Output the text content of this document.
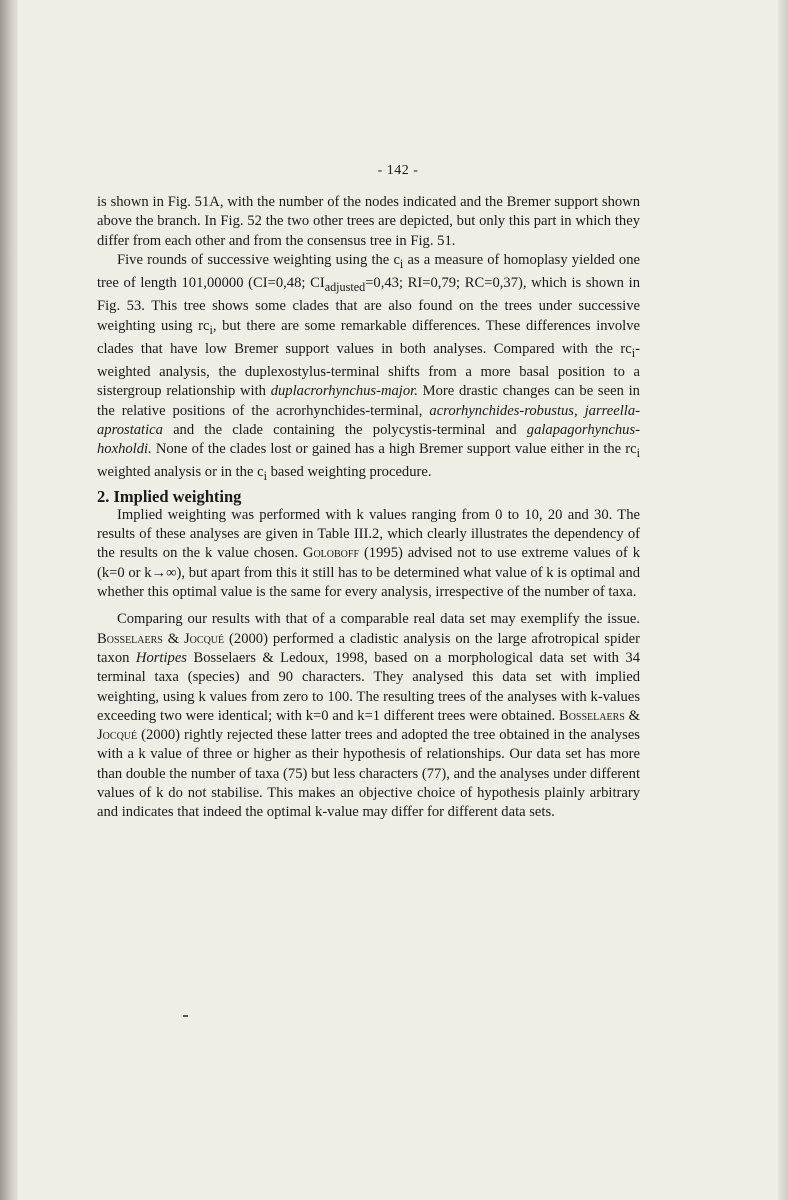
- 142 -

is shown in Fig. 51A, with the number of the nodes indicated and the Bremer support shown above the branch. In Fig. 52 the two other trees are depicted, but only this part in which they differ from each other and from the consensus tree in Fig. 51.

Five rounds of successive weighting using the $c_i$ as a measure of homoplasy yielded one tree of length 101,00000 (CI=0,48; $CI_{adjusted}=0,43$; RI=0,79; RC=0,37), which is shown in Fig. 53. This tree shows some clades that are also found on the trees under successive weighting using $rc_i$, but there are some remarkable differences. These differences involve clades that have low Bremer support values in both analyses. Compared with the $rc_i$-weighted analysis, the duplexostylus-terminal shifts from a more basal position to a sistergroup relationship with duplacrorhynchus-major. More drastic changes can be seen in the relative positions of the acrorhynchides-terminal, acrorhynchides-robustus, jarreella-aprostatica and the clade containing the polycystis-terminal and galapagorhynchus-hoxholdi. None of the clades lost or gained has a high Bremer support value either in the $rc_i$ weighted analysis or in the $c_i$ based weighting procedure.

2. Implied weighting

Implied weighting was performed with k values ranging from 0 to 10, 20 and 30. The results of these analyses are given in Table III.2, which clearly illustrates the dependency of the results on the k value chosen. Goloboff (1995) advised not to use extreme values of k (k=0 or k→∞), but apart from this it still has to be determined what value of k is optimal and whether this optimal value is the same for every analysis, irrespective of the number of taxa.

Comparing our results with that of a comparable real data set may exemplify the issue. Bosselaers & Jocqué (2000) performed a cladistic analysis on the large afrotropical spider taxon Hortipes Bosselaers & Ledoux, 1998, based on a morphological data set with 34 terminal taxa (species) and 90 characters. They analysed this data set with implied weighting, using k values from zero to 100. The resulting trees of the analyses with k-values exceeding two were identical; with k=0 and k=1 different trees were obtained. Bosselaers & Jocqué (2000) rightly rejected these latter trees and adopted the tree obtained in the analyses with a k value of three or higher as their hypothesis of relationships. Our data set has more than double the number of taxa (75) but less characters (77), and the analyses under different values of k do not stabilise. This makes an objective choice of hypothesis plainly arbitrary and indicates that indeed the optimal k-value may differ for different data sets.
